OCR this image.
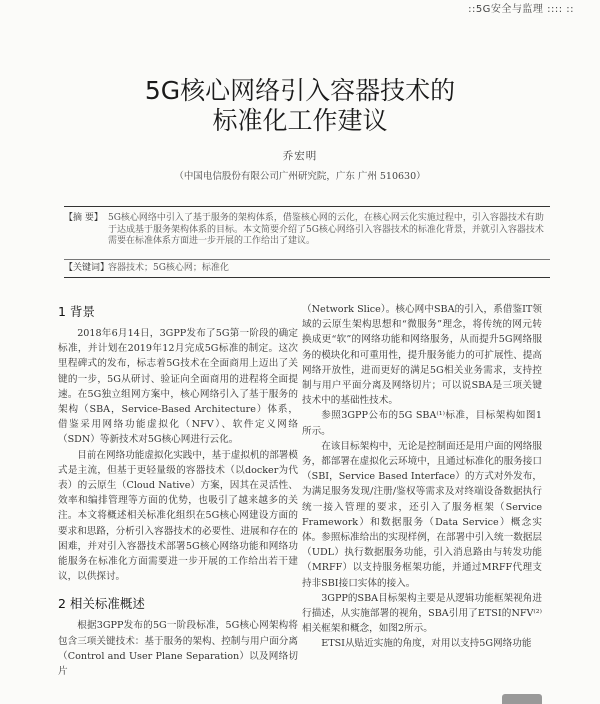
::5G安全与监理 :::: ::
5G核心网络引入容器技术的
标准化工作建议
乔宏明
（中国电信股份有限公司广州研究院，广东 广州 510630）
【摘 要】 5G核心网络中引入了基于服务的架构体系，借鉴核心网的云化，在核心网云化实施过程中，引入容器技术有助于达成基于服务架构体系的目标。本文简要介绍了5G核心网络引入容器技术的标准化背景，并就引入容器技术需要在标准体系方面进一步开展的工作给出了建议。
【关键词】
容器技术；5G核心网；标准化
1 背景

2018年6月14日，3GPP发布了5G第一阶段的确定标准，并计划在2019年12月完成5G标准的制定。这次里程碑式的发布，标志着5G技术在全面商用上迈出了关键的一步，5G从研讨、验证向全面商用的进程将全面提速。在5G独立组网方案中，核心网络引入了基于服务的架构（SBA，Service-Based Architecture）体系，借鉴采用网络功能虚拟化（NFV）、软件定义网络（SDN）等新技术对5G核心网进行云化。

目前在网络功能虚拟化实践中，基于虚拟机的部署模式是主流，但基于更轻量级的容器技术（以docker为代表）的云原生（Cloud Native）方案，因其在灵活性、效率和编排管理等方面的优势，也吸引了越来越多的关注。本文将概述相关标准化组织在5G核心网建设方面的要求和思路，分析引入容器技术的必要性、进展和存在的困难，并对引入容器技术部署5G核心网络功能和网络功能服务在标准化方面需要进一步开展的工作给出若干建议，以供探讨。

2 相关标准概述

根据3GPP发布的5G一阶段标准，5G核心网架构将包含三项关键技术：基于服务的架构、控制与用户面分离（Control and User Plane Separation）以及网络切片

（Network Slice）。核心网中SBA的引入，系借鉴IT领域的云原生架构思想和“微服务”理念，将传统的网元转换成更“软”的网络功能和网络服务，从而提升5G网络服务的模块化和可重用性，提升服务能力的可扩展性、提高网络开放性，进而更好的满足5G相关业务需求，支持控制与用户平面分离及网络切片；可以说SBA是三项关键技术中的基础性技术。

参照3GPP公布的5G SBA⁽¹⁾标准，目标架构如图1所示。

在该目标架构中，无论是控制面还是用户面的网络服务，都部署在虚拟化云环境中，且通过标准化的服务接口（SBI，Service Based Interface）的方式对外发布，为满足服务发现/注册/鉴权等需求及对终端设备数据执行统一接入管理的要求，还引入了服务框架（Service Framework）和数据服务（Data Service）概念实体。参照标准给出的实现样例，在部署中引入统一数据层（UDL）执行数据服务功能，引入消息路由与转发功能（MRFF）以支持服务框架功能，并通过MRFF代理支持非SBI接口实体的接入。

3GPP的SBA目标架构主要是从逻辑功能框架视角进行描述，从实施部署的视角，SBA引用了ETSI的NFV⁽²⁾相关框架和概念，如图2所示。

ETSI从贴近实施的角度，对用以支持5G网络功能
